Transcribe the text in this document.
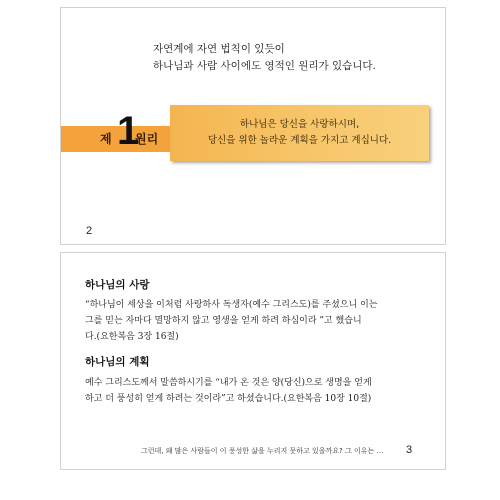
자연계에 자연 법칙이 있듯이
하나님과 사람 사이에도 영적인 원리가 있습니다.
하나님은 당신을 사랑하시며,
당신을 위한 놀라운 계획을 가지고 계십니다.
제 1
원리
2
하나님의 사랑
“하나님이 세상을 이처럼 사랑하사 독생자(예수 그리스도)를 주셨으니 이는
그를 믿는 자마다 멸망하지 않고 영생을 얻게 하려 하심이라 ”고 했습니
다.(요한복음 3장 16절)
하나님의 계획
예수 그리스도께서 말씀하시기를 “내가 온 것은 양(당신)으로 생명을 얻게
하고 더 풍성히 얻게 하려는 것이라”고 하셨습니다.(요한복음 10장 10절)
그런데, 왜 많은 사람들이 이 풍성한 삶을 누리지 못하고 있을까요? 그 이유는 … 3
